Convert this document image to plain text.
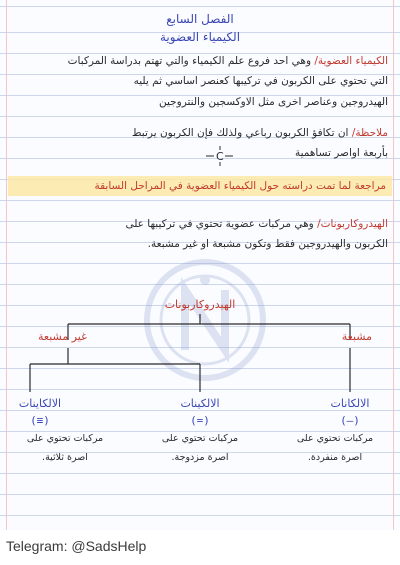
الفصل السابع
الكيمياء العضوية
الكيمياء العضوية/ وهي احد فروع علم الكيمياء والتي تهتم بدراسة المركبات
التي تحتوي على الكربون في تركيبها كعنصر اساسي ثم يليه
الهيدروجين وعناصر اخرى مثل الاوكسجين والنتروجين
ملاحظة/ ان تكافؤ الكربون رباعي ولذلك فإن الكربون يرتبط
بأربعة اواصر تساهمية
C
مراجعة لما تمت دراسته حول الكيمياء العضوية في المراحل السابقة
الهيدروكاربونات/ وهي مركبات عضوية تحتوي في تركيبها على
الكربون والهيدروجين فقط وتكون مشبعة او غير مشبعة.
الهيدروكاربونات
مشبعة
غير مشبعة
الالكانات
(—)
مركبات تحتوي على
اصرة منفردة.
الالكينات
(=)
مركبات تحتوي على
اصرة مزدوجة.
الالكاينات
(≡)
مركبات تحتوي على
اصرة ثلاثية.
Telegram: @SadsHelp
